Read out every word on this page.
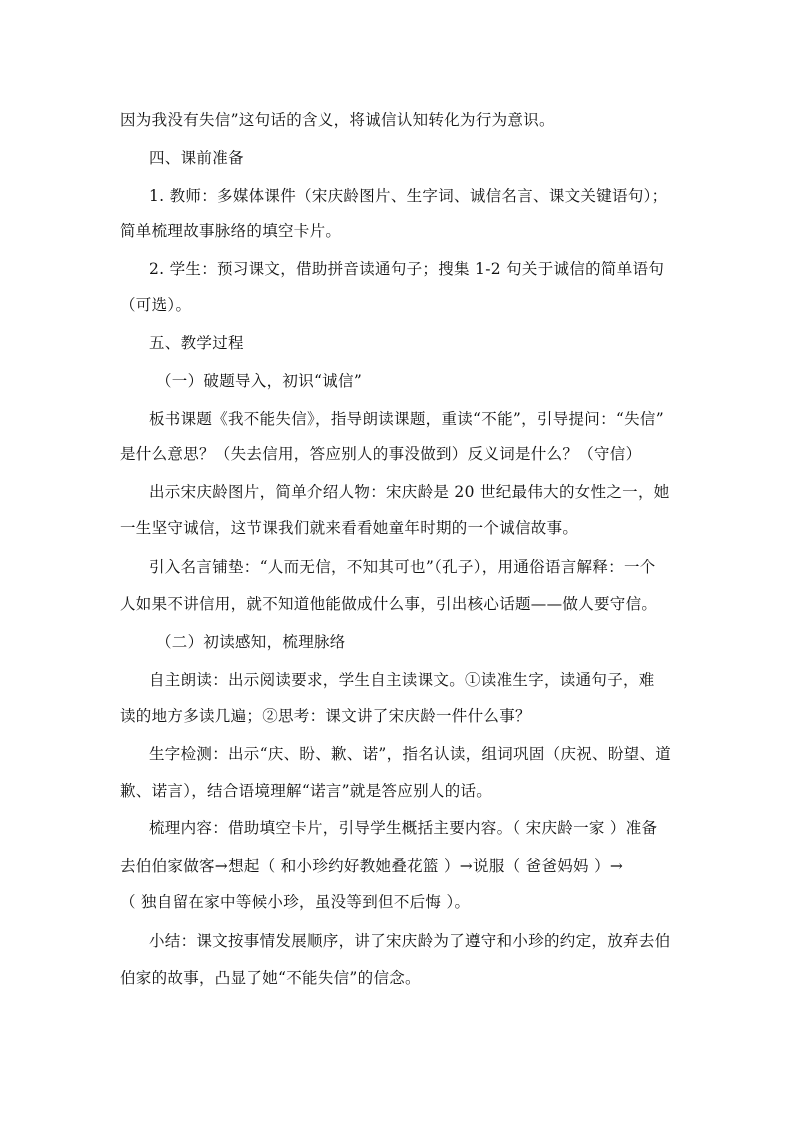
因为我没有失信”这句话的含义，将诚信认知转化为行为意识。
四、课前准备
1. 教师：多媒体课件（宋庆龄图片、生字词、诚信名言、课文关键语句）；
简单梳理故事脉络的填空卡片。
2. 学生：预习课文，借助拼音读通句子；搜集 1-2 句关于诚信的简单语句
（可选）。
五、教学过程
（一）破题导入，初识“诚信”
板书课题《我不能失信》，指导朗读课题，重读“不能”，引导提问：“失信”
是什么意思？（失去信用，答应别人的事没做到）反义词是什么？（守信）
出示宋庆龄图片，简单介绍人物：宋庆龄是 20 世纪最伟大的女性之一，她
一生坚守诚信，这节课我们就来看看她童年时期的一个诚信故事。
引入名言铺垫：“人而无信，不知其可也”（孔子），用通俗语言解释：一个
人如果不讲信用，就不知道他能做成什么事，引出核心话题——做人要守信。
（二）初读感知，梳理脉络
自主朗读：出示阅读要求，学生自主读课文。①读准生字，读通句子，难
读的地方多读几遍；②思考：课文讲了宋庆龄一件什么事？
生字检测：出示“庆、盼、歉、诺”，指名认读，组词巩固（庆祝、盼望、道
歉、诺言），结合语境理解“诺言”就是答应别人的话。
梳理内容：借助填空卡片，引导学生概括主要内容。（ 宋庆龄一家 ）准备
去伯伯家做客→想起（ 和小珍约好教她叠花篮 ）→说服（ 爸爸妈妈 ）→
（ 独自留在家中等候小珍，虽没等到但不后悔 ）。
小结：课文按事情发展顺序，讲了宋庆龄为了遵守和小珍的约定，放弃去伯
伯家的故事，凸显了她“不能失信”的信念。
